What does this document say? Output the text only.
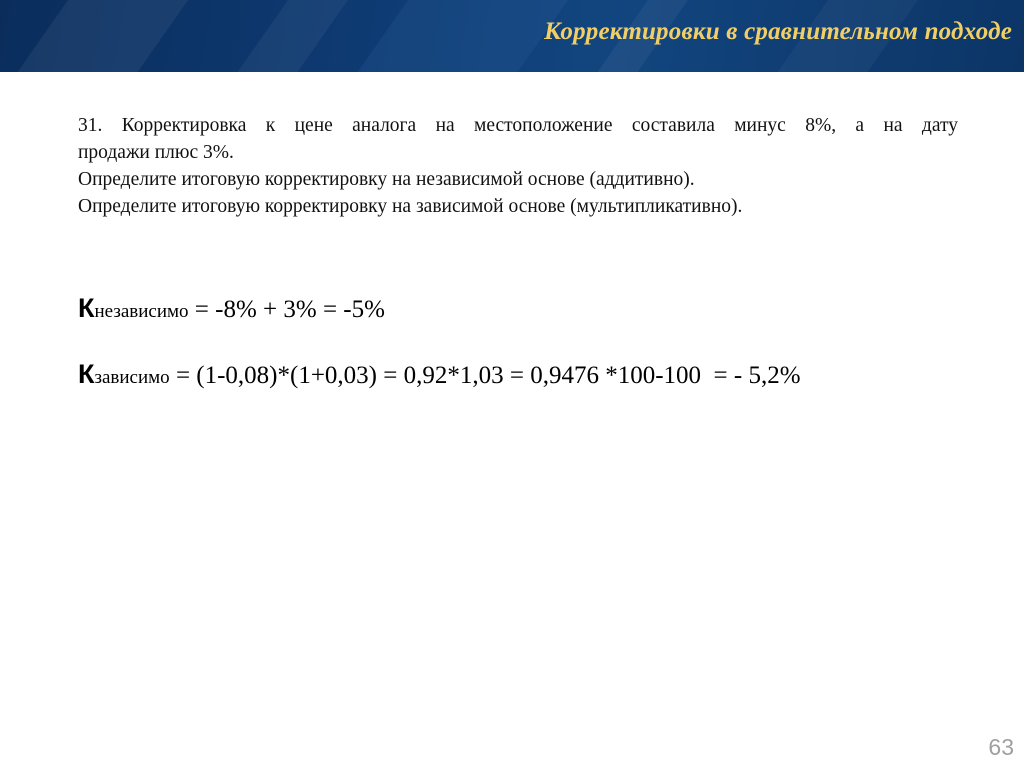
Корректировки в сравнительном подходе
31. Корректировка к цене аналога на местоположение составила минус 8%, а на дату
продажи плюс 3%.
Определите итоговую корректировку на независимой основе (аддитивно).
Определите итоговую корректировку на зависимой основе (мультипликативно).
Кнезависимо = -8% + 3% = -5%
Кзависимо = (1-0,08)*(1+0,03) = 0,92*1,03 = 0,9476 *100-100  = - 5,2%
63
